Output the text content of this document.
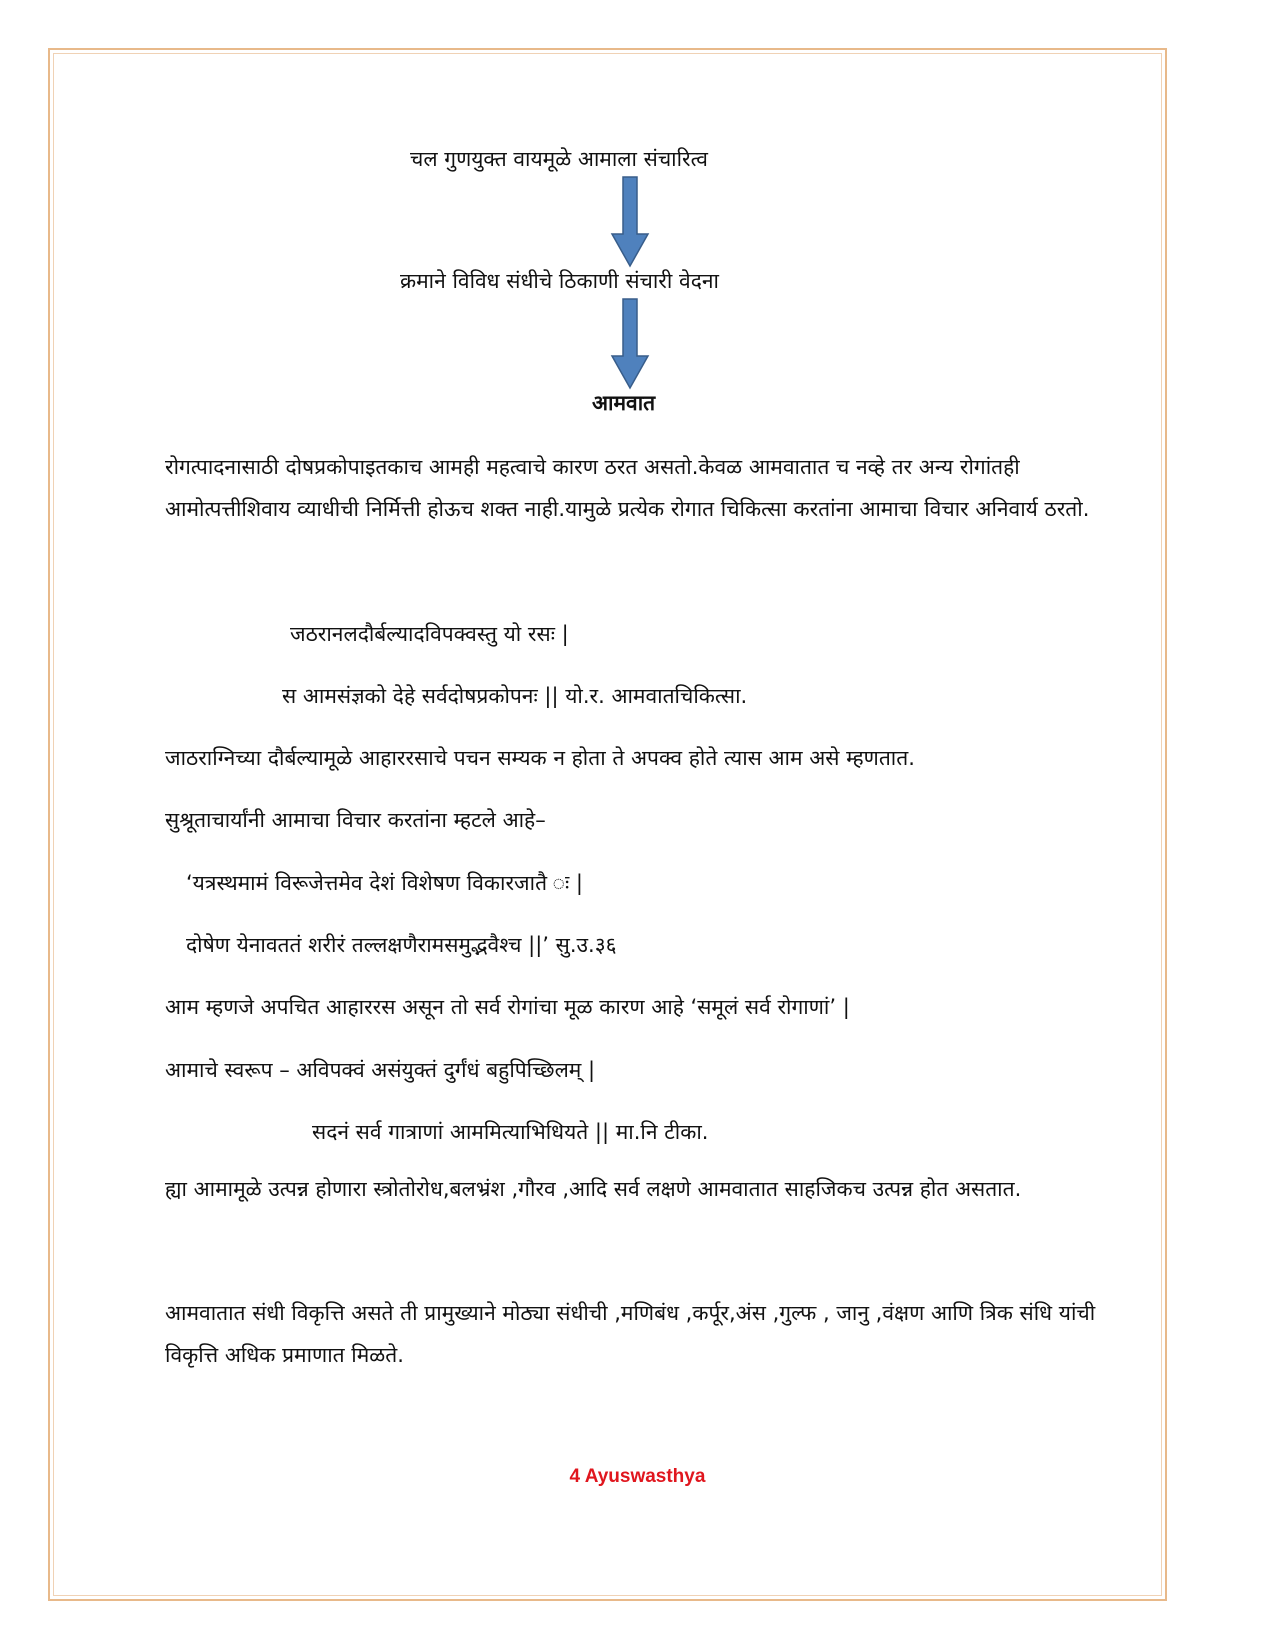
चल गुणयुक्त वायमूळे आमाला संचारित्व
क्रमाने विविध संधीचे ठिकाणी संचारी वेदना
आमवात
रोगत्पादनासाठी दोषप्रकोपाइतकाच आमही महत्वाचे कारण ठरत असतो.केवळ आमवातात च नव्हे तर अन्य रोगांतही आमोत्पत्तीशिवाय व्याधीची निर्मित्ती होऊच शक्त नाही.यामुळे प्रत्येक रोगात चिकित्सा करतांना आमाचा विचार अनिवार्य ठरतो.
जठरानलदौर्बल्यादविपक्वस्तु यो रसः |
स आमसंज्ञको देहे सर्वदोषप्रकोपनः || यो.र. आमवातचिकित्सा.
जाठराग्निच्या दौर्बल्यामूळे आहाररसाचे पचन सम्यक न होता ते अपक्व होते त्यास आम असे म्हणतात.
सुश्रूताचार्यांनी आमाचा विचार करतांना म्हटले आहे–
‘यत्रस्थमामं विरूजेत्तमेव देशं विशेषण विकारजातै ः |
दोषेण येनावततं शरीरं तल्लक्षणैरामसमुद्भवैश्च ||’ सु.उ.३६
आम म्हणजे अपचित आहाररस असून तो सर्व रोगांचा मूळ कारण आहे ‘समूलं सर्व रोगाणां’ |
आमाचे स्वरूप – अविपक्वं असंयुक्तं दुर्गंधं बहुपिच्छिलम् |
सदनं सर्व गात्राणां आममित्याभिधियते || मा.नि टीका.
ह्या आमामूळे उत्पन्न होणारा स्त्रोतोरोध,बलभ्रंश ,गौरव ,आदि सर्व लक्षणे आमवातात साहजिकच उत्पन्न होत असतात.
आमवातात संधी विकृत्ति असते ती प्रामुख्याने मोठ्या संधीची ,मणिबंध ,कर्पूर,अंस ,गुल्फ , जानु ,वंक्षण आणि त्रिक संधि यांची विकृत्ति अधिक प्रमाणात मिळते.
4 Ayuswasthya
